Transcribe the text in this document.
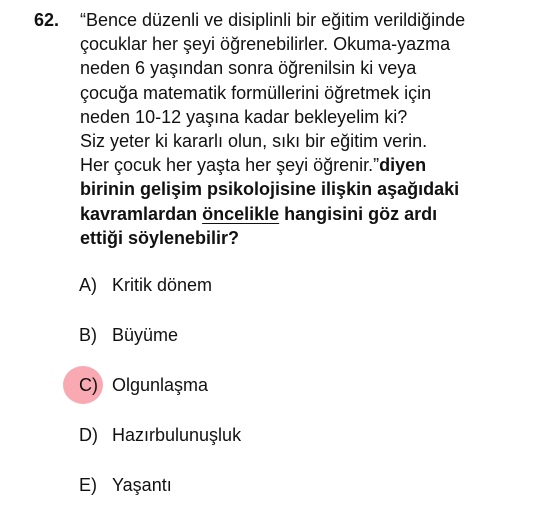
62. “Bence düzenli ve disiplinli bir eğitim verildiğinde
çocuklar her şeyi öğrenebilirler. Okuma-yazma
neden 6 yaşından sonra öğrenilsin ki veya
çocuğa matematik formüllerini öğretmek için
neden 10-12 yaşına kadar bekleyelim ki?
Siz yeter ki kararlı olun, sıkı bir eğitim verin.
Her çocuk her yaşta her şeyi öğrenir.”diyen
birinin gelişim psikolojisine ilişkin aşağıdaki
kavramlardan öncelikle hangisini göz ardı
ettiği söylenebilir?
A) Kritik dönem
B) Büyüme
C) Olgunlaşma
D) Hazırbulunuşluk
E) Yaşantı
